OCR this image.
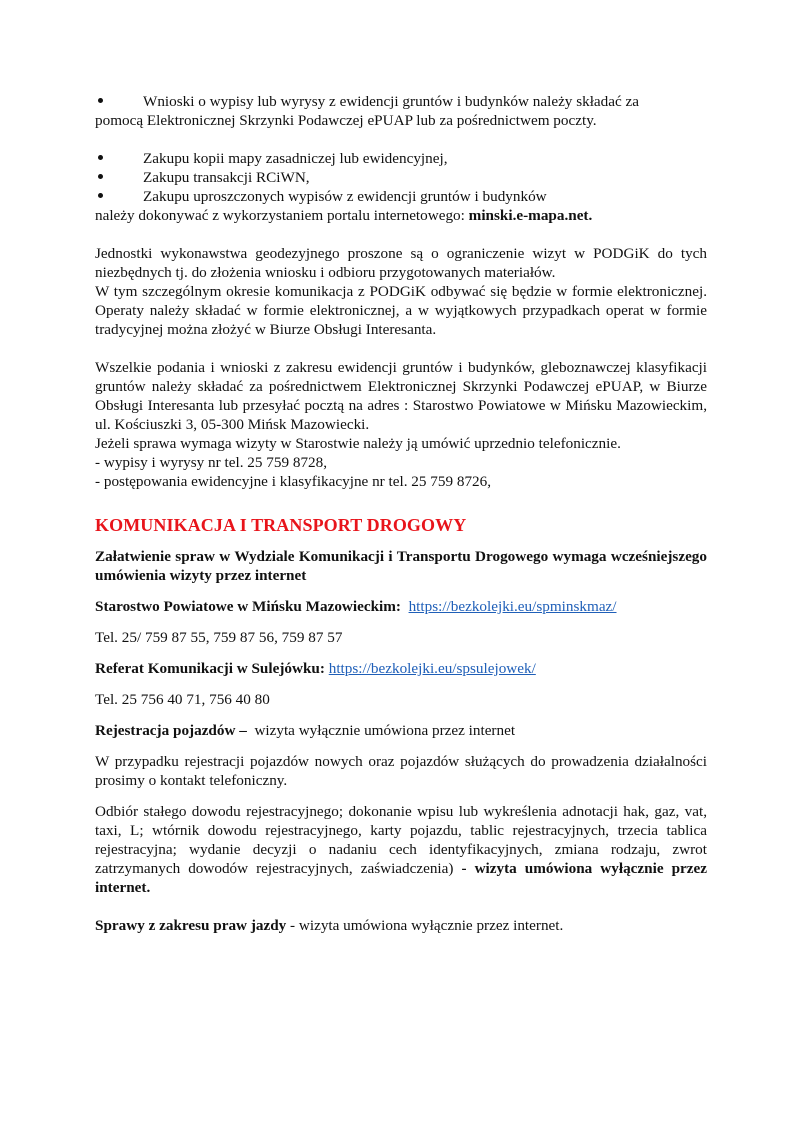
Wnioski o wypisy lub wyrysy z ewidencji gruntów i budynków należy składać za
pomocą Elektronicznej Skrzynki Podawczej ePUAP lub za pośrednictwem poczty.
Zakupu kopii mapy zasadniczej lub ewidencyjnej,
Zakupu transakcji RCiWN,
Zakupu uproszczonych wypisów z ewidencji gruntów i budynków
należy dokonywać z wykorzystaniem portalu internetowego: minski.e-mapa.net.
Jednostki wykonawstwa geodezyjnego proszone są o ograniczenie wizyt w PODGiK do tych niezbędnych tj. do złożenia wniosku i odbioru przygotowanych materiałów.
W tym szczególnym okresie komunikacja z PODGiK odbywać się będzie w formie elektronicznej. Operaty należy składać w formie elektronicznej, a w wyjątkowych przypadkach operat w formie tradycyjnej można złożyć w Biurze Obsługi Interesanta.
Wszelkie podania i wnioski z zakresu ewidencji gruntów i budynków, gleboznawczej klasyfikacji gruntów należy składać za pośrednictwem Elektronicznej Skrzynki Podawczej ePUAP, w Biurze Obsługi Interesanta lub przesyłać pocztą na adres : Starostwo Powiatowe w Mińsku Mazowieckim, ul. Kościuszki 3, 05-300 Mińsk Mazowiecki.
Jeżeli sprawa wymaga wizyty w Starostwie należy ją umówić uprzednio telefonicznie.
- wypisy i wyrysy nr tel. 25 759 8728,
- postępowania ewidencyjne i klasyfikacyjne nr tel. 25 759 8726,
KOMUNIKACJA I TRANSPORT DROGOWY
Załatwienie spraw w Wydziale Komunikacji i Transportu Drogowego wymaga wcześniejszego umówienia wizyty przez internet
Starostwo Powiatowe w Mińsku Mazowieckim: https://bezkolejki.eu/spminskmaz/
Tel. 25/ 759 87 55, 759 87 56, 759 87 57
Referat Komunikacji w Sulejówku: https://bezkolejki.eu/spsulejowek/
Tel. 25 756 40 71, 756 40 80
Rejestracja pojazdów –  wizyta wyłącznie umówiona przez internet
W przypadku rejestracji pojazdów nowych oraz pojazdów służących do prowadzenia działalności prosimy o kontakt telefoniczny.
Odbiór stałego dowodu rejestracyjnego; dokonanie wpisu lub wykreślenia adnotacji hak, gaz, vat, taxi, L; wtórnik dowodu rejestracyjnego, karty pojazdu, tablic rejestracyjnych, trzecia tablica rejestracyjna; wydanie decyzji o nadaniu cech identyfikacyjnych, zmiana rodzaju, zwrot zatrzymanych dowodów rejestracyjnych, zaświadczenia) - wizyta umówiona wyłącznie przez internet.
Sprawy z zakresu praw jazdy - wizyta umówiona wyłącznie przez internet.
